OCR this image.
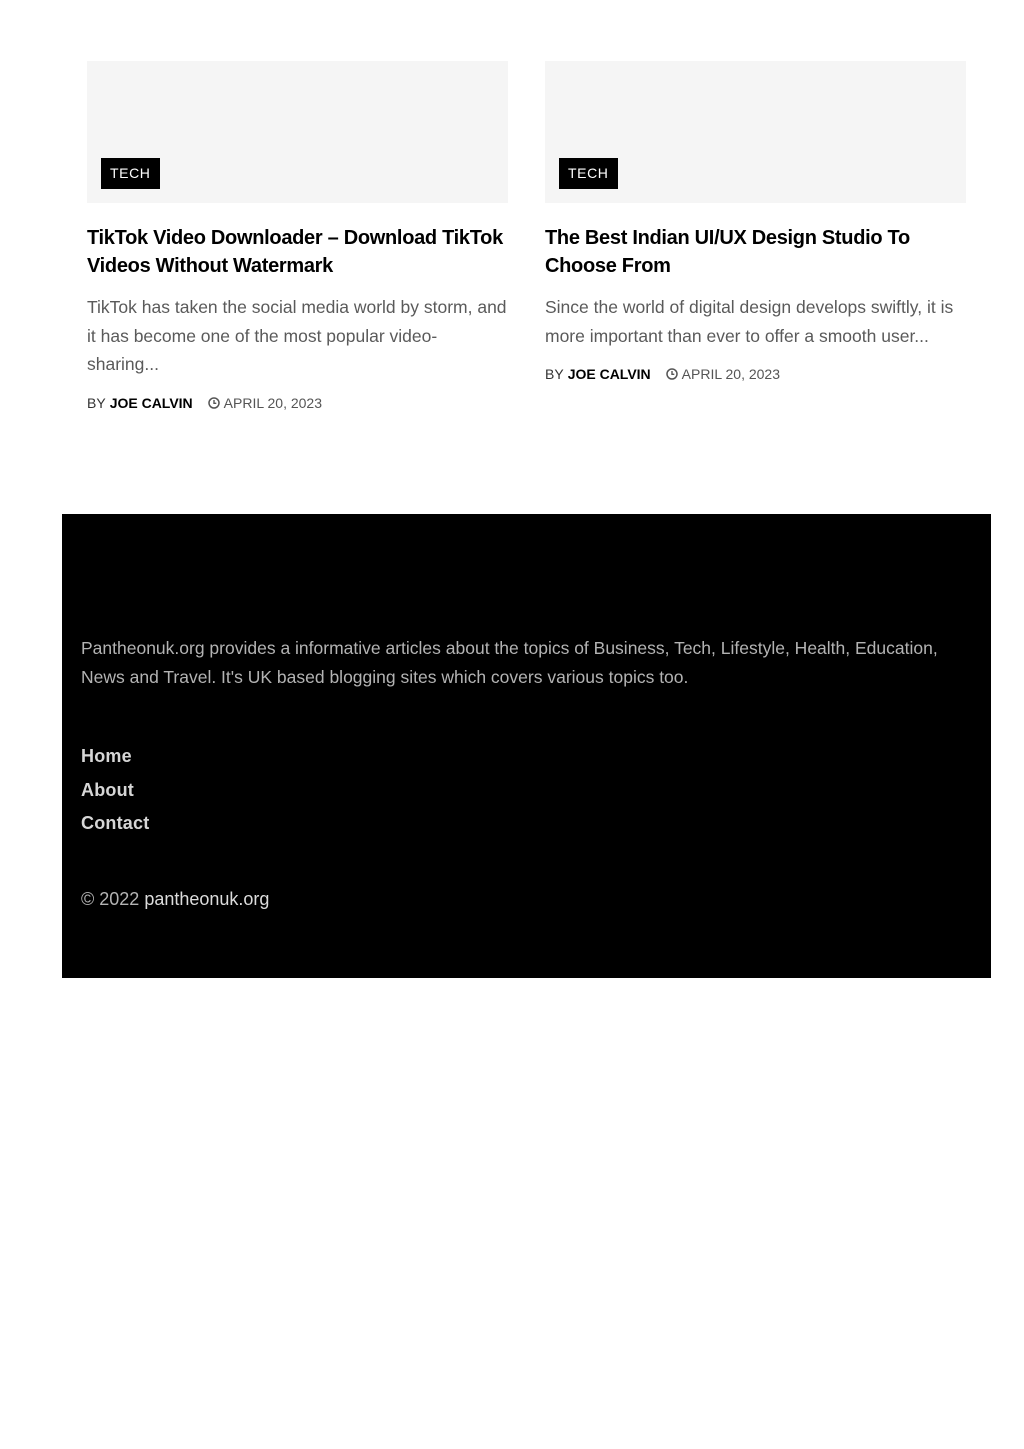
TECH
TikTok Video Downloader – Download TikTok Videos Without Watermark

TikTok has taken the social media world by storm, and it has become one of the most popular video-sharing...

BY JOE CALVIN APRIL 20, 2023
TECH
The Best Indian UI/UX Design Studio To Choose From

Since the world of digital design develops swiftly, it is more important than ever to offer a smooth user...

BY JOE CALVIN APRIL 20, 2023

Pantheonuk.org provides a informative articles about the topics of Business, Tech, Lifestyle, Health, Education, News and Travel. It's UK based blogging sites which covers various topics too.

Home
About
Contact
© 2022 pantheonuk.org
